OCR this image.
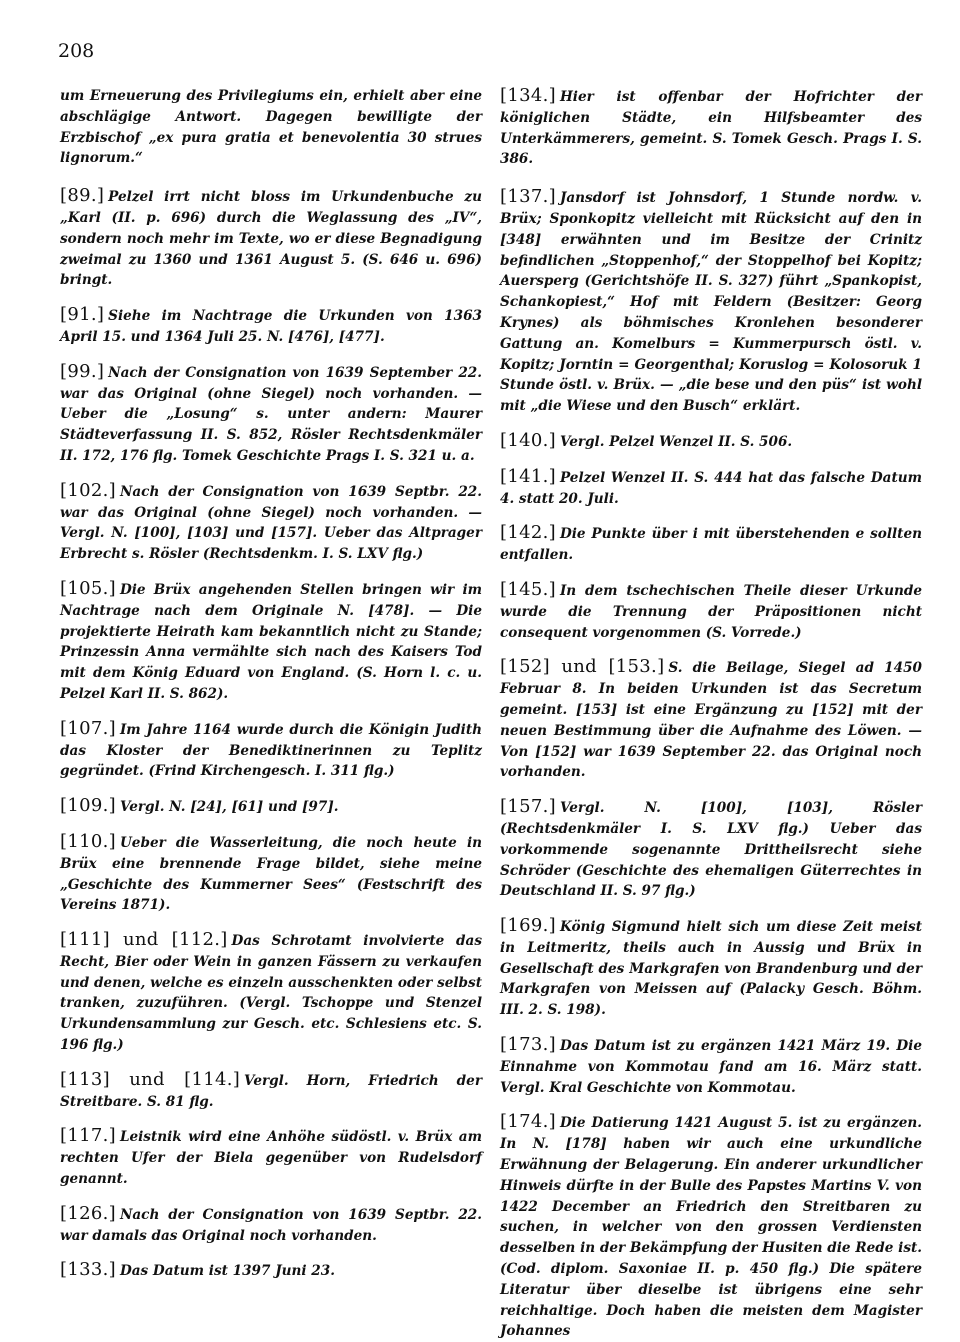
208

um Erneuerung des Privilegiums ein, erhielt aber eine abschlägige Antwort. Dagegen bewilligte der Erzbischof „ex pura gratia et benevolentia 30 strues lignorum.“

[89.] Pelzel irrt nicht bloss im Urkundenbuche zu „Karl (II. p. 696) durch die Weglassung des „IV“, sondern noch mehr im Texte, wo er diese Begnadigung zweimal zu 1360 und 1361 August 5. (S. 646 u. 696) bringt.

[91.] Siehe im Nachtrage die Urkunden von 1363 April 15. und 1364 Juli 25. N. [476], [477].

[99.] Nach der Consignation von 1639 September 22. war das Original (ohne Siegel) noch vorhanden. — Ueber die „Losung“ s. unter andern: Maurer Städteverfassung II. S. 852, Rösler Rechtsdenkmäler II. 172, 176 flg. Tomek Geschichte Prags I. S. 321 u. a.

[102.] Nach der Consignation von 1639 Septbr. 22. war das Original (ohne Siegel) noch vorhanden. — Vergl. N. [100], [103] und [157]. Ueber das Altprager Erbrecht s. Rösler (Rechtsdenkm. I. S. LXV flg.)

[105.] Die Brüx angehenden Stellen bringen wir im Nachtrage nach dem Originale N. [478]. — Die projektierte Heirath kam bekanntlich nicht zu Stande; Prinzessin Anna vermählte sich nach des Kaisers Tod mit dem König Eduard von England. (S. Horn l. c. u. Pelzel Karl II. S. 862).

[107.] Im Jahre 1164 wurde durch die Königin Judith das Kloster der Benediktinerinnen zu Teplitz gegründet. (Frind Kirchengesch. I. 311 flg.)

[109.] Vergl. N. [24], [61] und [97].

[110.] Ueber die Wasserleitung, die noch heute in Brüx eine brennende Frage bildet, siehe meine „Geschichte des Kummerner Sees“ (Festschrift des Vereins 1871).

[111] und [112.] Das Schrotamt involvierte das Recht, Bier oder Wein in ganzen Fässern zu verkaufen und denen, welche es einzeln ausschenkten oder selbst tranken, zuzuführen. (Vergl. Tschoppe und Stenzel Urkundensammlung zur Gesch. etc. Schlesiens etc. S. 196 flg.)

[113] und [114.] Vergl. Horn, Friedrich der Streitbare. S. 81 flg.

[117.] Leistnik wird eine Anhöhe südöstl. v. Brüx am rechten Ufer der Biela gegenüber von Rudelsdorf genannt.

[126.] Nach der Consignation von 1639 Septbr. 22. war damals das Original noch vorhanden.

[133.] Das Datum ist 1397 Juni 23.

[134.] Hier ist offenbar der Hofrichter der königlichen Städte, ein Hilfsbeamter des Unterkämmerers, gemeint. S. Tomek Gesch. Prags I. S. 386.

[137.] Jansdorf ist Johnsdorf, 1 Stunde nordw. v. Brüx; Sponkopitz vielleicht mit Rücksicht auf den in [348] erwähnten und im Besitze der Crinitz befindlichen „Stoppenhof,“ der Stoppelhof bei Kopitz; Auersperg (Gerichtshöfe II. S. 327) führt „Spankopist, Schankopiest,“ Hof mit Feldern (Besitzer: Georg Krynes) als böhmisches Kronlehen besonderer Gattung an. Komelburs = Kummerpursch östl. v. Kopitz; Jorntin = Georgenthal; Koruslog = Kolosoruk 1 Stunde östl. v. Brüx. — „die bese und den püs“ ist wohl mit „die Wiese und den Busch“ erklärt.

[140.] Vergl. Pelzel Wenzel II. S. 506.

[141.] Pelzel Wenzel II. S. 444 hat das falsche Datum 4. statt 20. Juli.

[142.] Die Punkte über i mit überstehenden e sollten entfallen.

[145.] In dem tschechischen Theile dieser Urkunde wurde die Trennung der Präpositionen nicht consequent vorgenommen (S. Vorrede.)

[152] und [153.] S. die Beilage, Siegel ad 1450 Februar 8. In beiden Urkunden ist das Secretum gemeint. [153] ist eine Ergänzung zu [152] mit der neuen Bestimmung über die Aufnahme des Löwen. — Von [152] war 1639 September 22. das Original noch vorhanden.

[157.] Vergl. N. [100], [103], Rösler (Rechtsdenkmäler I. S. LXV flg.) Ueber das vorkommende sogenannte Drittheilsrecht siehe Schröder (Geschichte des ehemaligen Güterrechtes in Deutschland II. S. 97 flg.)

[169.] König Sigmund hielt sich um diese Zeit meist in Leitmeritz, theils auch in Aussig und Brüx in Gesellschaft des Markgrafen von Brandenburg und der Markgrafen von Meissen auf (Palacky Gesch. Böhm. III. 2. S. 198).

[173.] Das Datum ist zu ergänzen 1421 März 19. Die Einnahme von Kommotau fand am 16. März statt. Vergl. Kral Geschichte von Kommotau.

[174.] Die Datierung 1421 August 5. ist zu ergänzen. In N. [178] haben wir auch eine urkundliche Erwähnung der Belagerung. Ein anderer urkundlicher Hinweis dürfte in der Bulle des Papstes Martins V. von 1422 December an Friedrich den Streitbaren zu suchen, in welcher von den grossen Verdiensten desselben in der Bekämpfung der Husiten die Rede ist. (Cod. diplom. Saxoniae II. p. 450 flg.) Die spätere Literatur über dieselbe ist übrigens eine sehr reichhaltige. Doch haben die meisten dem Magister Johannes
